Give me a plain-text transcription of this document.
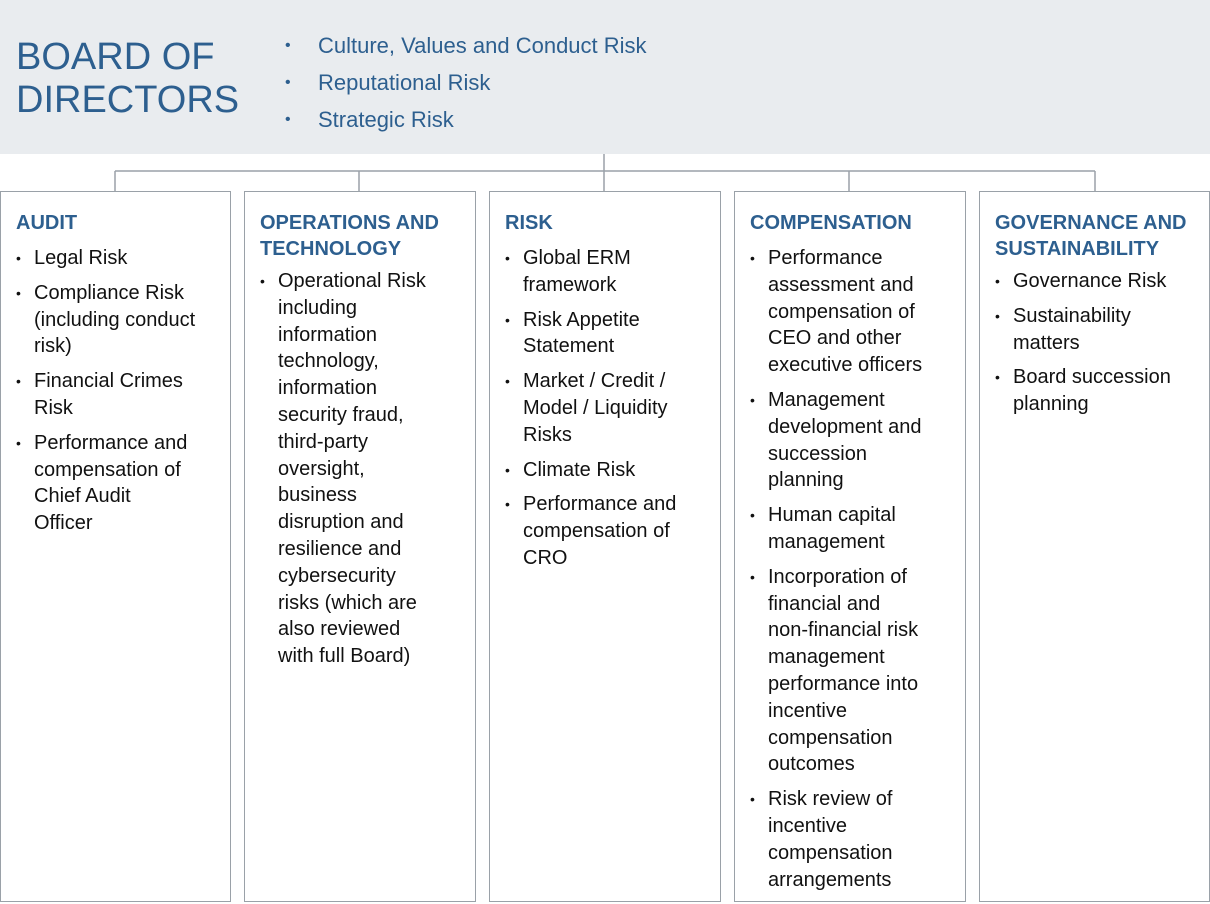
BOARD OF
DIRECTORS
• Culture, Values and Conduct Risk
• Reputational Risk
• Strategic Risk
AUDIT
• Legal Risk
• Compliance Risk
(including conduct
risk)
• Financial Crimes
Risk
• Performance and
compensation of
Chief Audit
Officer
OPERATIONS AND
TECHNOLOGY
• Operational Risk
including
information
technology,
information
security fraud,
third-party
oversight,
business
disruption and
resilience and
cybersecurity
risks (which are
also reviewed
with full Board)
RISK
• Global ERM
framework
• Risk Appetite
Statement
• Market / Credit /
Model / Liquidity
Risks
• Climate Risk
• Performance and
compensation of
CRO
COMPENSATION
• Performance
assessment and
compensation of
CEO and other
executive officers
• Management
development and
succession
planning
• Human capital
management
• Incorporation of
financial and
non-financial risk
management
performance into
incentive
compensation
outcomes
• Risk review of
incentive
compensation
arrangements
GOVERNANCE AND
SUSTAINABILITY
• Governance Risk
• Sustainability
matters
• Board succession
planning
